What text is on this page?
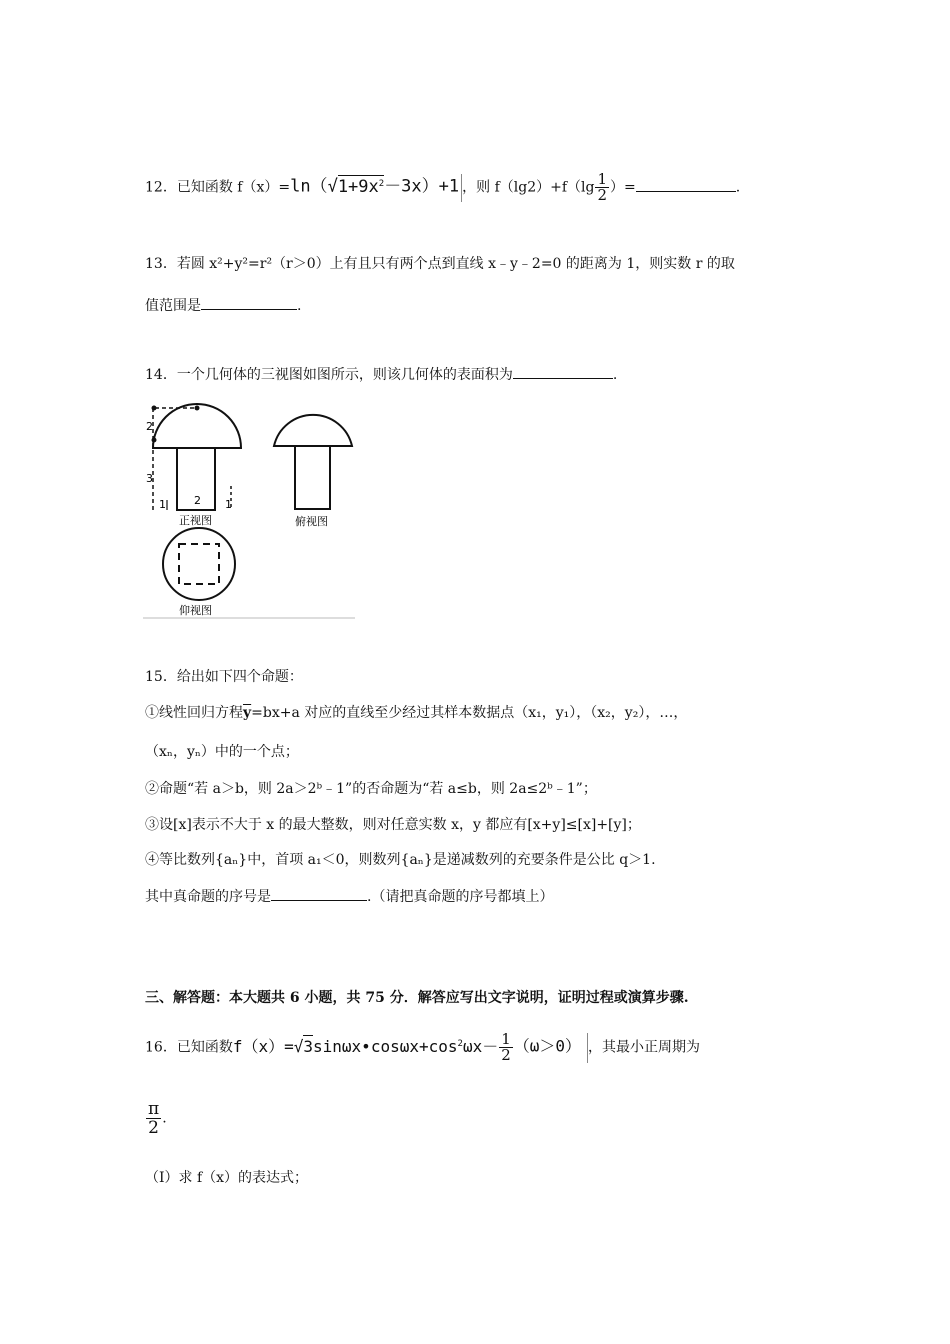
12．已知函数 $f(x)=\ln(√1+9x^2-3x)+1$ ，则 $f(\lg 2)+f(\lg \frac{1}{2}$ ）=	.
13．若圆 x²+y²=r²（r＞0）上有且只有两个点到直线 x﹣y﹣2=0 的距离为 1，则实数 r 的取
值范围是	.
14．一个几何体的三视图如图所示，则该几何体的表面积为	.
2
3
2
1	1
正视图	俯视图
仰视图
15．给出如下四个命题：
①线性回归方程$\overline{y}=bx+a$ 对应的直线至少经过其样本数据点（x₁，y₁），（x₂，y₂），…，
（xₙ，yₙ）中的一个点；
②命题“若 a＞b，则 2a＞2ᵇ﹣1”的否命题为“若 a≤b，则 2a≤2ᵇ﹣1”；
③设[x]表示不大于 x 的最大整数，则对任意实数 x，y 都应有[x+y]≤[x]+[y]；
④等比数列{aₙ}中，首项 a₁＜0，则数列{aₙ}是递减数列的充要条件是公比 q＞1.
其中真命题的序号是	.（请把真命题的序号都填上）
三、解答题：本大题共 6 小题，共 75 分．解答应写出文字说明，证明过程或演算步骤.
16．已知函数$f(x)=√3\sin\omega x•\cos\omega x+\cos^2\omega x- \frac{1}{2} (\omega>0)$ ，其最小正周期为
$\frac{\pi}{2}$ .
（I）求 f（x）的表达式；
